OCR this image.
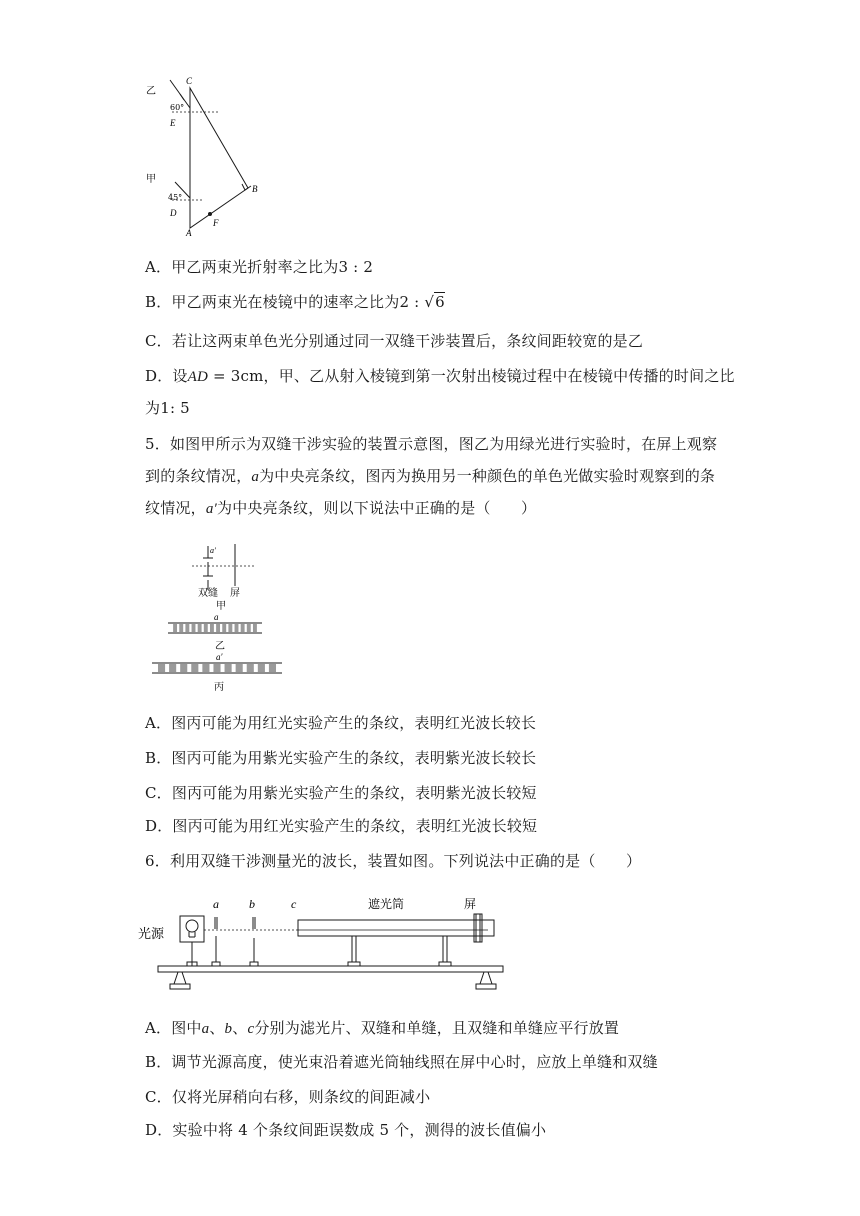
乙
甲
60°
45°
C
E
D
A
F
B
A．甲乙两束光折射率之比为3 : 2
B．甲乙两束光在棱镜中的速率之比为2 : √6
C．若让这两束单色光分别通过同一双缝干涉装置后，条纹间距较宽的是乙
D．设AD = 3cm，甲、乙从射入棱镜到第一次射出棱镜过程中在棱镜中传播的时间之比
为1: 5
5．如图甲所示为双缝干涉实验的装置示意图，图乙为用绿光进行实验时，在屏上观察
到的条纹情况，a为中央亮条纹，图丙为换用另一种颜色的单色光做实验时观察到的条
纹情况，a′为中央亮条纹，则以下说法中正确的是（　　）
双缝 屏
甲
a′
a
乙
a′
丙
A．图丙可能为用红光实验产生的条纹，表明红光波长较长
B．图丙可能为用紫光实验产生的条纹，表明紫光波长较长
C．图丙可能为用紫光实验产生的条纹，表明紫光波长较短
D．图丙可能为用红光实验产生的条纹，表明红光波长较短
6．利用双缝干涉测量光的波长，装置如图。下列说法中正确的是（　　）
a	b	c	遮光筒	屏
光源
A．图中a、b、c分别为滤光片、双缝和单缝，且双缝和单缝应平行放置
B．调节光源高度，使光束沿着遮光筒轴线照在屏中心时，应放上单缝和双缝
C．仅将光屏稍向右移，则条纹的间距减小
D．实验中将 4 个条纹间距误数成 5 个，测得的波长值偏小
